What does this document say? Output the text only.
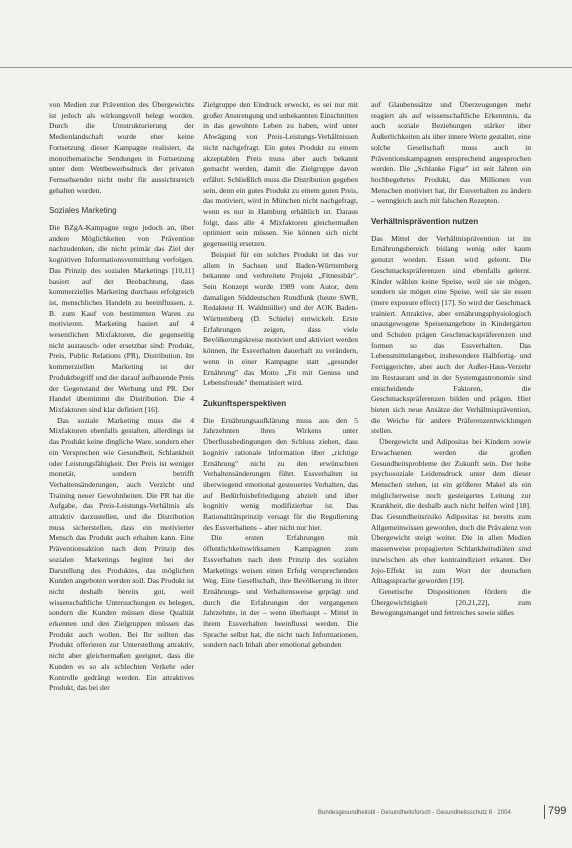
von Medien zur Prävention des Übergewichts ist jedoch als wirkungsvoll belegt worden. Durch die Umstrukturierung der Medienlandschaft wurde eher keine Fortsetzung dieser Kampagne realisiert, da monothematische Sendungen in Fortsetzung unter dem Wettbewerbsdruck der privaten Fernsehsender nicht mehr für aussichtsreich gehalten wurden.

Soziales Marketing

Die BZgA-Kampagne regte jedoch an, über andere Möglichkeiten von Prävention nachzudenken, die nicht primär das Ziel der kognitiven Informationsvermittlung verfolgen. Das Prinzip des sozialen Marketings [10,11] basiert auf der Beobachtung, dass kommerzielles Marketing durchaus erfolgreich ist, menschliches Handeln zu beeinflussen, z. B. zum Kauf von bestimmten Waren zu motivieren. Marketing basiert auf 4 wesentlichen Mixfaktoren, die gegenseitig nicht austausch- oder ersetzbar sind: Produkt, Preis, Public Relations (PR), Distribution. Im kommerziellen Marketing ist der Produktbegriff und der darauf aufbauende Preis der Gegenstand der Werbung und PR. Der Handel übernimmt die Distribution. Die 4 Mixfaktoren sind klar definiert [16].

Das soziale Marketing muss die 4 Mixfaktoren ebenfalls gestalten, allerdings ist das Produkt keine dingliche Ware, sondern eher ein Versprechen wie Gesundheit, Schlankheit oder Leistungsfähigkeit. Der Preis ist weniger monetär, sondern betrifft Verhaltensänderungen, auch Verzicht und Training neuer Gewohnheiten. Die PR hat die Aufgabe, das Preis-Leistungs-Verhältnis als attraktiv darzustellen, und die Distribution muss sicherstellen, dass ein motivierter Mensch das Produkt auch erhalten kann. Eine Präventionsaktion nach dem Prinzip des sozialen Marketings beginnt bei der Darstellung des Produktes, das möglichen Kunden angeboten werden soll. Das Produkt ist nicht deshalb bereits gut, weil wissenschaftliche Untersuchungen es belegen, sondern die Kunden müssen diese Qualität erkennen und den Zielgruppen müssen das Produkt auch wollen. Bei Ihr sollten das Produkt offerieren zur Unterstellung attraktiv, nicht aber gleichermaßen geeignet, dass die Kunden es so als schlechten Verkehr oder Kontrolle gedrängt werden. Ein attraktives Produkt, das bei der

Zielgruppe den Eindruck erweckt, es sei nur mit großer Anstrengung und unbekannten Einschnitten in das gewohnte Leben zu haben, wird unter Abwägung von Preis-Leistungs-Verhältnissen nicht nachgefragt. Ein gutes Produkt zu einem akzeptablen Preis muss aber auch bekannt gemacht werden, damit die Zielgruppe davon erfährt. Schließlich muss die Distribution gegeben sein, denn ein gutes Produkt zu einem guten Preis, das motiviert, wird in München nicht nachgefragt, wenn es nur in Hamburg erhältlich ist. Daraus folgt, dass alle 4 Mixfaktoren gleichermaßen optimiert sein müssen. Sie können sich nicht gegenseitig ersetzen.

Beispiel für ein solches Produkt ist das vor allem in Sachsen und Baden-Württemberg bekannte und verbreitete Projekt „Fitnessbär". Sein Konzept wurde 1989 vom Autor, dem damaligen Süddeutschen Rundfunk (heute SWR, Redakteur H. Waldmüller) und der AOK Baden-Württemberg (D. Schiele) entwickelt. Erste Erfahrungen zeigen, dass viele Bevölkerungskreise motiviert und aktiviert werden können, ihr Essverhalten dauerhaft zu verändern, wenn in einer Kampagne statt „gesunder Ernährung" das Motto „Fit mit Genuss und Lebensfreude" thematisiert wird.

Zukunftsperspektiven

Die Ernährungsaufklärung muss aus den 5 Jahrzehnten ihres Wirkens unter Überflussbedingungen den Schluss ziehen, dass kognitiv rationale Information über „richtige Ernährung" nicht zu den erwünschten Verhaltensänderungen führt. Essverhalten ist überwiegend emotional gesteuertes Verhalten, das auf Bedürfnisbefriedigung abzielt und über kognitiv wenig modifizierbar ist. Das Rationalitätsprinzip versagt für die Regulierung des Essverhaltens – aber nicht nur hier.

Die ersten Erfahrungen mit öffentlichkeitswirksamen Kampagnen zum Essverhalten nach dem Prinzip des sozialen Marketings weisen einen Erfolg versprechenden Weg. Eine Gesellschaft, ihre Bevölkerung in ihrer Ernährungs- und Verhaltensweise geprägt und durch die Erfahrungen der vergangenen Jahrzehnte, in der – wenn überhaupt – Mittel in ihrem Essverhalten beeinflusst werden. Die Sprache selbst hat, die nicht nach Informationen, sondern nach Inhalt aber emotional gebunden

auf Glaubenssätze und Überzeugungen mehr reagiert als auf wissenschaftliche Erkenntnis, da auch soziale Beziehungen stärker über Äußerlichkeiten als über innere Werte gestaltet, eine solche Gesellschaft muss auch in Präventionskampagnen entsprechend angesprochen werden. Die „Schlanke Figur" ist seit Jahren ein hochbegehrtes Produkt, das Millionen von Menschen motiviert hat, ihr Essverhalten zu ändern – wenngleich auch mit falschen Rezepten.

Verhältnisprävention nutzen

Das Mittel der Verhältnisprävention ist im Ernährungsbereich bislang wenig oder kaum genutzt worden. Essen wird gelernt. Die Geschmackspräferenzen sind ebenfalls gelernt. Kinder wählen keine Speise, weil sie sie mögen, sondern sie mögen eine Speise, weil sie sie essen (mere exposure effect) [17]. So wird der Geschmack trainiert. Attraktive, aber ernährungsphysiologisch unausgewogene Speisenangebote in Kindergärten und Schulen prägen Geschmackspräferenzen und formen so das Essverhalten. Das Lebensmittelangebot, insbesondere Halbfertig- und Fertiggerichte, aber auch der Außer-Haus-Verzehr im Restaurant und in der Systemgastronomie sind entscheidende Faktoren, die Geschmackspräferenzen bilden und prägen. Hier bieten sich neue Ansätze der Verhältnisprävention, die Weiche für andere Präferenzentwicklungen stellen.

Übergewicht und Adipositas bei Kindern sowie Erwachsenen werden die großen Gesundheitsprobleme der Zukunft sein. Der hohe psychosoziale Leidensdruck unter dem dieser Menschen stehen, ist ein größerer Makel als ein möglicherweise noch gesteigertes Leitung zur Krankheit, die deshalb auch nicht helfen wird [18]. Das Gesundheitsrisiko Adipositas ist bereits zum Allgemeinwissen geworden, doch die Prävalenz von Übergewicht steigt weiter. Die in allen Medien massenweise propagierten Schlankheitsdiäten sind inzwischen als eher kontraindiziert erkannt. Der Jojo-Effekt ist zum Wort der deutschen Alltagssprache geworden [19].

Genetische Dispositionen fördern die Übergewichtigkeit [20,21,22], zum Bewegungsmangel und fettreiches sowie süßes

Bundesgesundheitsbl - Gesundheitsforsch - Gesundheitsschutz 8 · 2004	799
